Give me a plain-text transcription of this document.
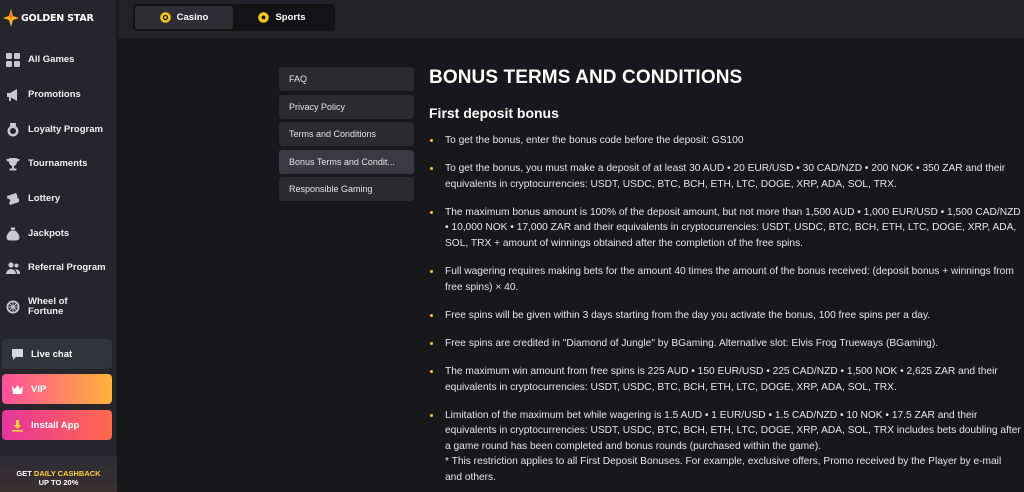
GOLDEN STAR
All Games
Promotions
Loyalty Program
Tournaments
Lottery
Jackpots
Referral Program
Wheel of Fortune
Live chat
VIP
Install App
GET DAILY CASHBACK
UP TO 20%
Casino	Sports
FAQ
Privacy Policy
Terms and Conditions
Bonus Terms and Condit...
Responsible Gaming
BONUS TERMS AND CONDITIONS
First deposit bonus
To get the bonus, enter the bonus code before the deposit: GS100
To get the bonus, you must make a deposit of at least 30 AUD • 20 EUR/USD • 30 CAD/NZD • 200 NOK • 350 ZAR and their equivalents in cryptocurrencies: USDT, USDC, BTC, BCH, ETH, LTC, DOGE, XRP, ADA, SOL, TRX.
The maximum bonus amount is 100% of the deposit amount, but not more than 1,500 AUD • 1,000 EUR/USD • 1,500 CAD/NZD • 10,000 NOK • 17,000 ZAR and their equivalents in cryptocurrencies: USDT, USDC, BTC, BCH, ETH, LTC, DOGE, XRP, ADA, SOL, TRX + amount of winnings obtained after the completion of the free spins.
Full wagering requires making bets for the amount 40 times the amount of the bonus received: (deposit bonus + winnings from free spins) × 40.
Free spins will be given within 3 days starting from the day you activate the bonus, 100 free spins per a day.
Free spins are credited in "Diamond of Jungle" by BGaming. Alternative slot: Elvis Frog Trueways (BGaming).
The maximum win amount from free spins is 225 AUD • 150 EUR/USD • 225 CAD/NZD • 1,500 NOK • 2,625 ZAR and their equivalents in cryptocurrencies: USDT, USDC, BTC, BCH, ETH, LTC, DOGE, XRP, ADA, SOL, TRX.
Limitation of the maximum bet while wagering is 1.5 AUD • 1 EUR/USD • 1.5 CAD/NZD • 10 NOK • 17.5 ZAR and their equivalents in cryptocurrencies: USDT, USDC, BTC, BCH, ETH, LTC, DOGE, XRP, ADA, SOL, TRX includes bets doubling after a game round has been completed and bonus rounds (purchased within the game).
* This restriction applies to all First Deposit Bonuses. For example, exclusive offers, Promo received by the Player by e-mail and others.
